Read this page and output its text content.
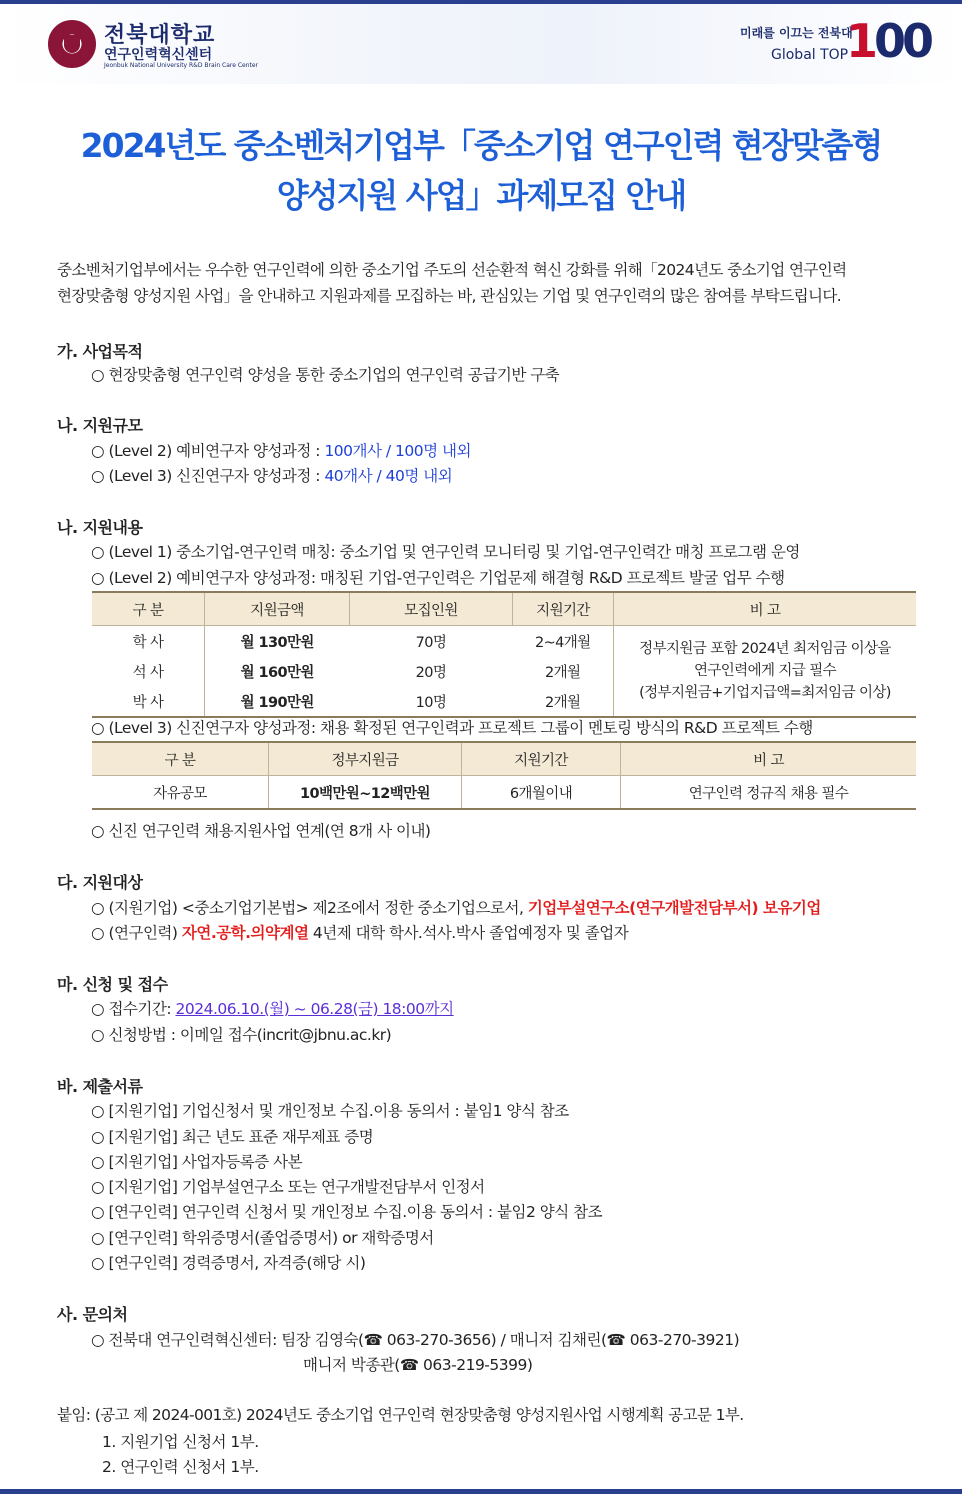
전북대학교
연구인력혁신센터
Jeonbuk National University R&D Brain Care Center
미래를 이끄는 전북대
Global TOP
100
2024년도 중소벤처기업부「중소기업 연구인력 현장맞춤형
양성지원 사업」과제모집 안내
중소벤처기업부에서는 우수한 연구인력에 의한 중소기업 주도의 선순환적 혁신 강화를 위해「2024년도 중소기업 연구인력
현장맞춤형 양성지원 사업」을 안내하고 지원과제를 모집하는 바, 관심있는 기업 및 연구인력의 많은 참여를 부탁드립니다.
가. 사업목적
○ 현장맞춤형 연구인력 양성을 통한 중소기업의 연구인력 공급기반 구축
나. 지원규모
○ (Level 2) 예비연구자 양성과정 : 100개사 / 100명 내외
○ (Level 3) 신진연구자 양성과정 : 40개사 / 40명 내외
나. 지원내용
○ (Level 1) 중소기업-연구인력 매칭: 중소기업 및 연구인력 모니터링 및 기업-연구인력간 매칭 프로그램 운영
○ (Level 2) 예비연구자 양성과정: 매칭된 기업-연구인력은 기업문제 해결형 R&D 프로젝트 발굴 업무 수행
구 분	지원금액	모집인원	지원기간	비 고
학 사	월 130만원	70명	2~4개월	정부지원금 포함 2024년 최저임금 이상을
연구인력에게 지급 필수
(정부지원금+기업지급액=최저임금 이상)

석 사	월 160만원	20명	2개월	
박 사	월 190만원	10명	2개월	
○ (Level 3) 신진연구자 양성과정: 채용 확정된 연구인력과 프로젝트 그룹이 멘토링 방식의 R&D 프로젝트 수행
구 분	정부지원금	지원기간	비 고
자유공모	10백만원~12백만원	6개월이내	연구인력 정규직 채용 필수
○ 신진 연구인력 채용지원사업 연계(연 8개 사 이내)
다. 지원대상
○ (지원기업) <중소기업기본법> 제2조에서 정한 중소기업으로서, 기업부설연구소(연구개발전담부서) 보유기업
○ (연구인력) 자연.공학.의약계열 4년제 대학 학사.석사.박사 졸업예정자 및 졸업자
마. 신청 및 접수
○ 접수기간: 2024.06.10.(월) ~ 06.28(금) 18:00까지
○ 신청방법 : 이메일 접수(incrit@jbnu.ac.kr)
바. 제출서류
○ [지원기업] 기업신청서 및 개인정보 수집.이용 동의서 : 붙임1 양식 참조
○ [지원기업] 최근 년도 표준 재무제표 증명
○ [지원기업] 사업자등록증 사본
○ [지원기업] 기업부설연구소 또는 연구개발전담부서 인정서
○ [연구인력] 연구인력 신청서 및 개인정보 수집.이용 동의서 : 붙임2 양식 참조
○ [연구인력] 학위증명서(졸업증명서) or 재학증명서
○ [연구인력] 경력증명서, 자격증(해당 시)
사. 문의처
○ 전북대 연구인력혁신센터: 팀장 김영숙(☎ 063-270-3656) / 매니저 김채린(☎ 063-270-3921)
매니저 박종관(☎ 063-219-5399)
붙임: (공고 제 2024-001호) 2024년도 중소기업 연구인력 현장맞춤형 양성지원사업 시행계획 공고문 1부.
1. 지원기업 신청서 1부.
2. 연구인력 신청서 1부.
